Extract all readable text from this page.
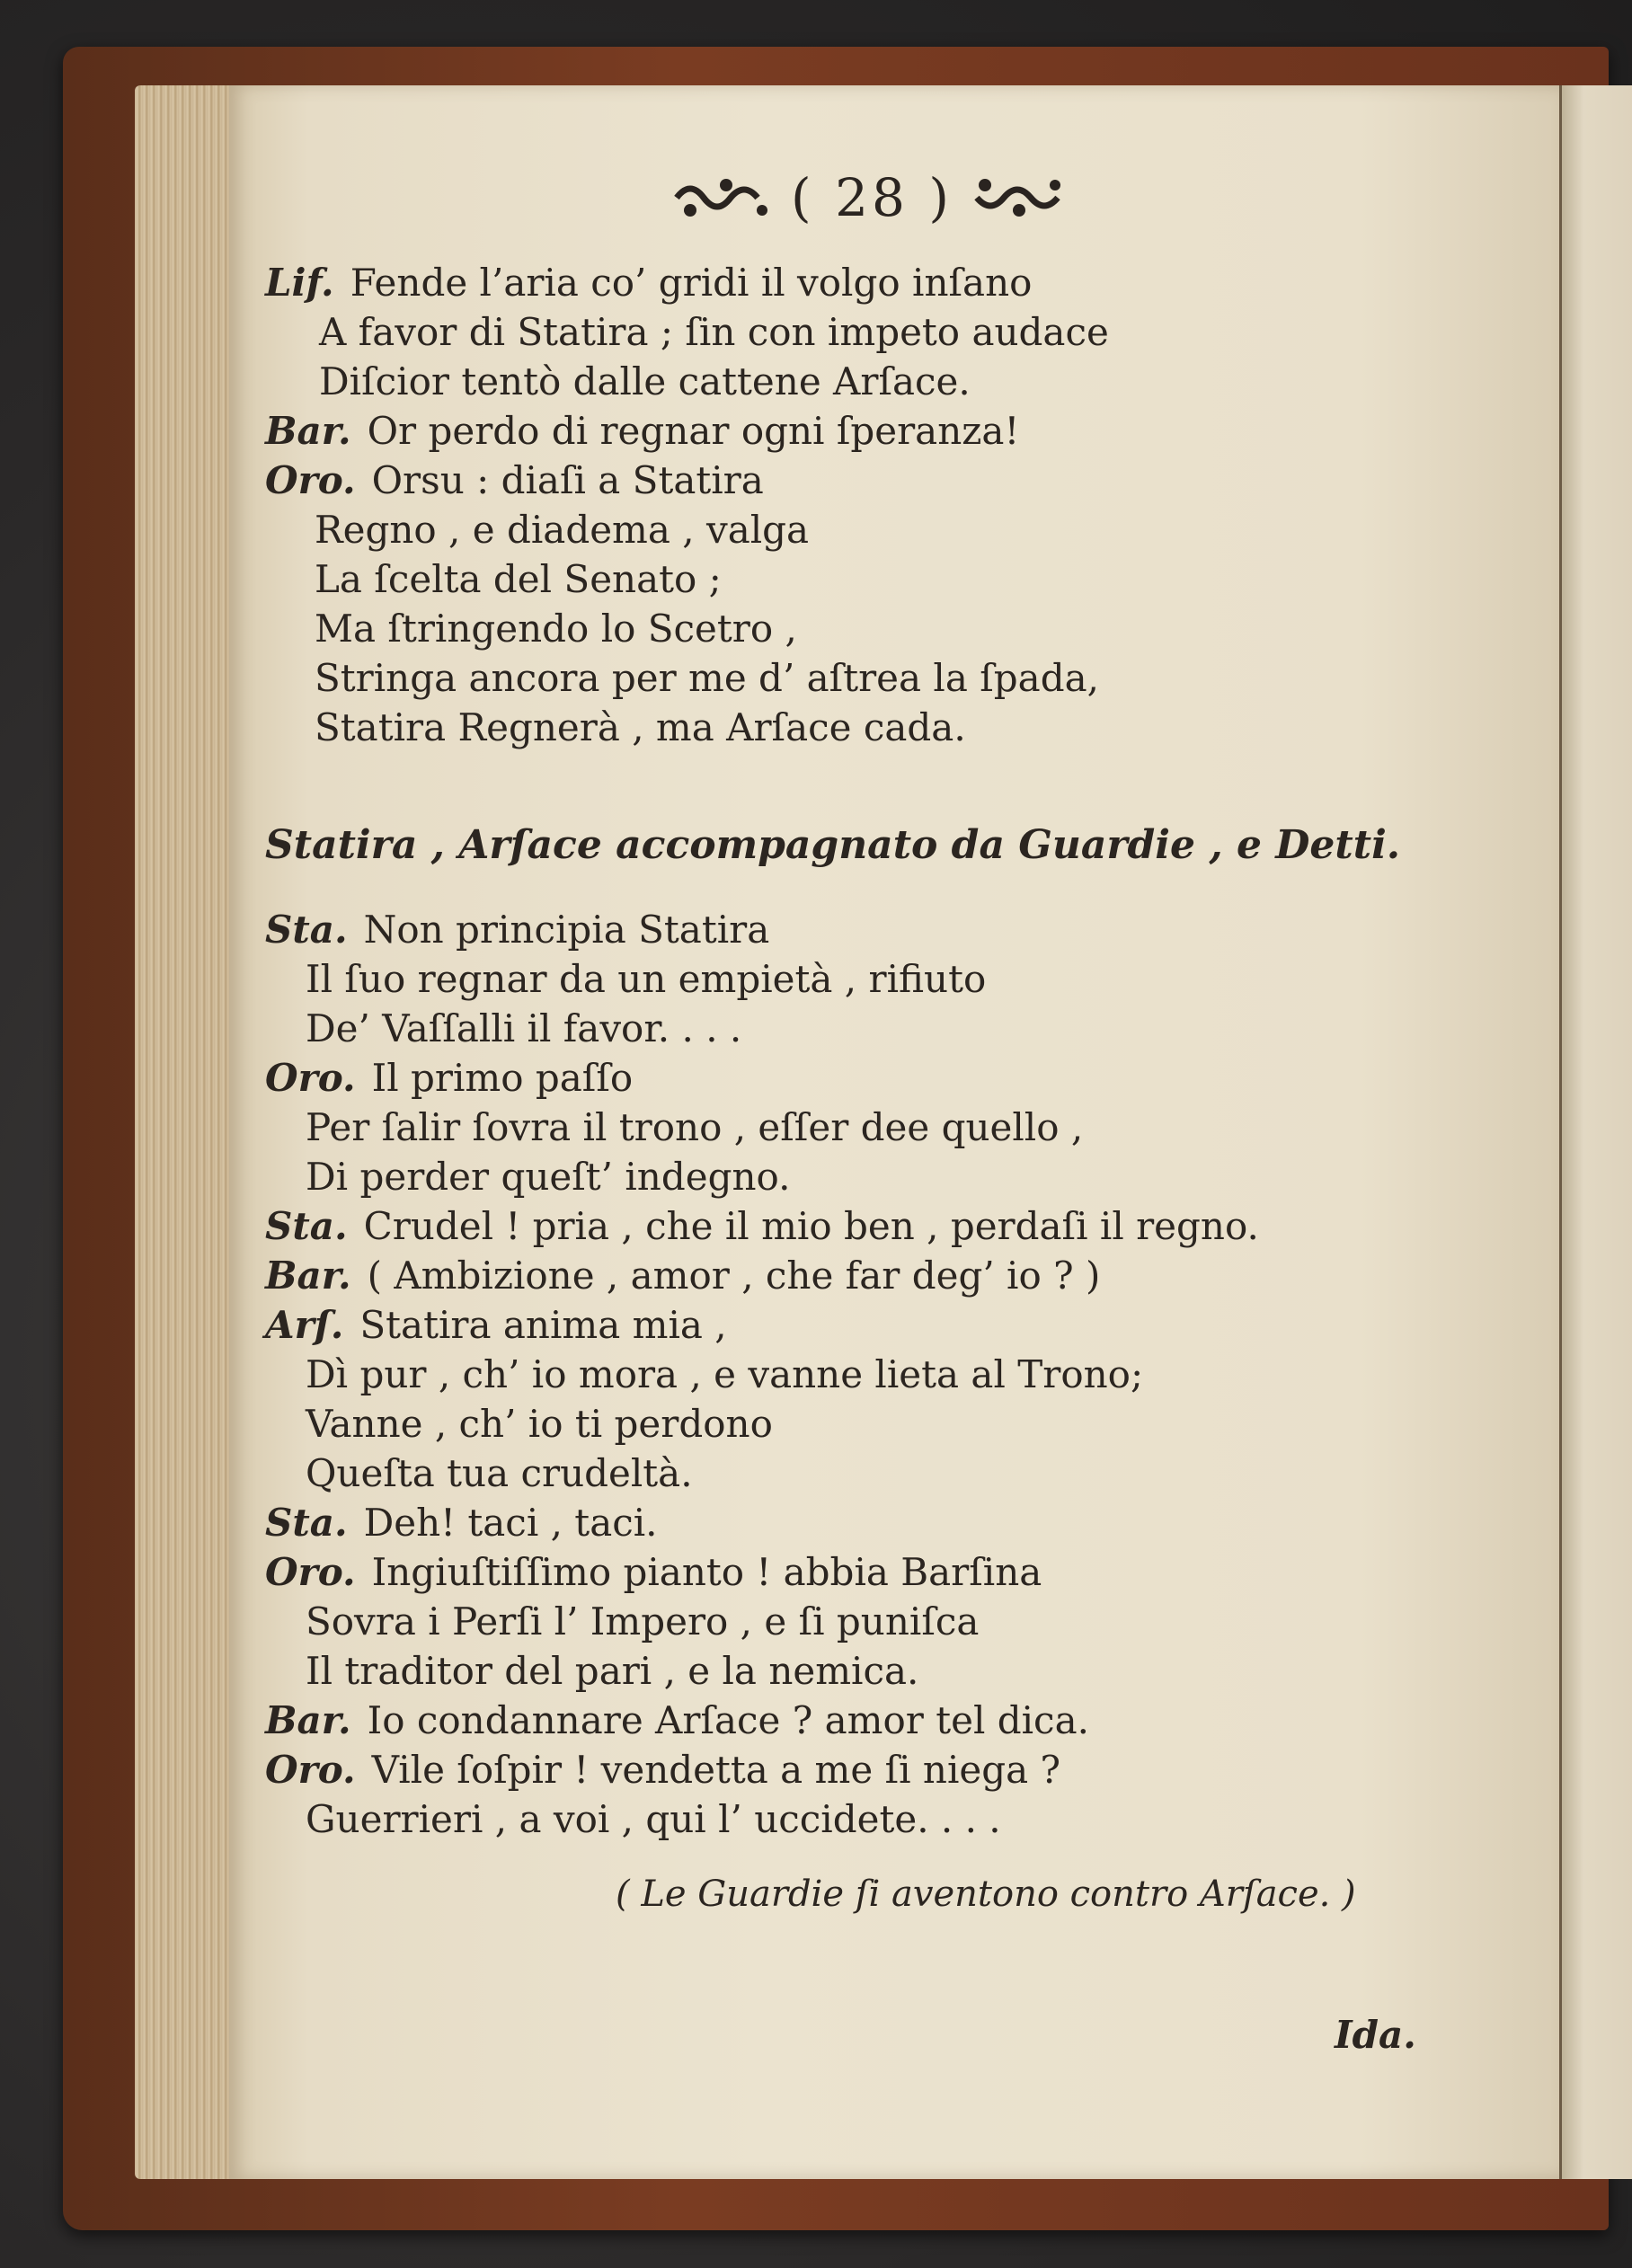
( 28 )
Lif. Fende l’aria co’ gridi il volgo inſano
A favor di Statira ; ſin con impeto audace
Diſcior tentò dalle cattene Arſace.
Bar. Or perdo di regnar ogni ſperanza!
Oro. Orsu : diaſi a Statira
Regno , e diadema , valga
La ſcelta del Senato ;
Ma ſtringendo lo Scetro ,
Stringa ancora per me d’ aſtrea la ſpada,
Statira Regnerà , ma Arſace cada.
Statira , Arſace accompagnato da Guardie , e Detti.
Sta. Non principia Statira
Il ſuo regnar da un empietà , rifiuto
De’ Vaſſalli il favor. . . .
Oro. Il primo paſſo
Per ſalir ſovra il trono , eſſer dee quello ,
Di perder queſt’ indegno.
Sta. Crudel ! pria , che il mio ben , perdaſi il regno.
Bar. ( Ambizione , amor , che far deg’ io ? )
Arſ. Statira anima mia ,
Dì pur , ch’ io mora , e vanne lieta al Trono;
Vanne , ch’ io ti perdono
Queſta tua crudeltà.
Sta. Deh! taci , taci.
Oro. Ingiuſtiſſimo pianto ! abbia Barſina
Sovra i Perſi l’ Impero , e ſi puniſca
Il traditor del pari , e la nemica.
Bar. Io condannare Arſace ? amor tel dica.
Oro. Vile ſoſpir ! vendetta a me ſi niega ?
Guerrieri , a voi , qui l’ uccidete. . . .
( Le Guardie ſi aventono contro Arſace. )
Ida.
